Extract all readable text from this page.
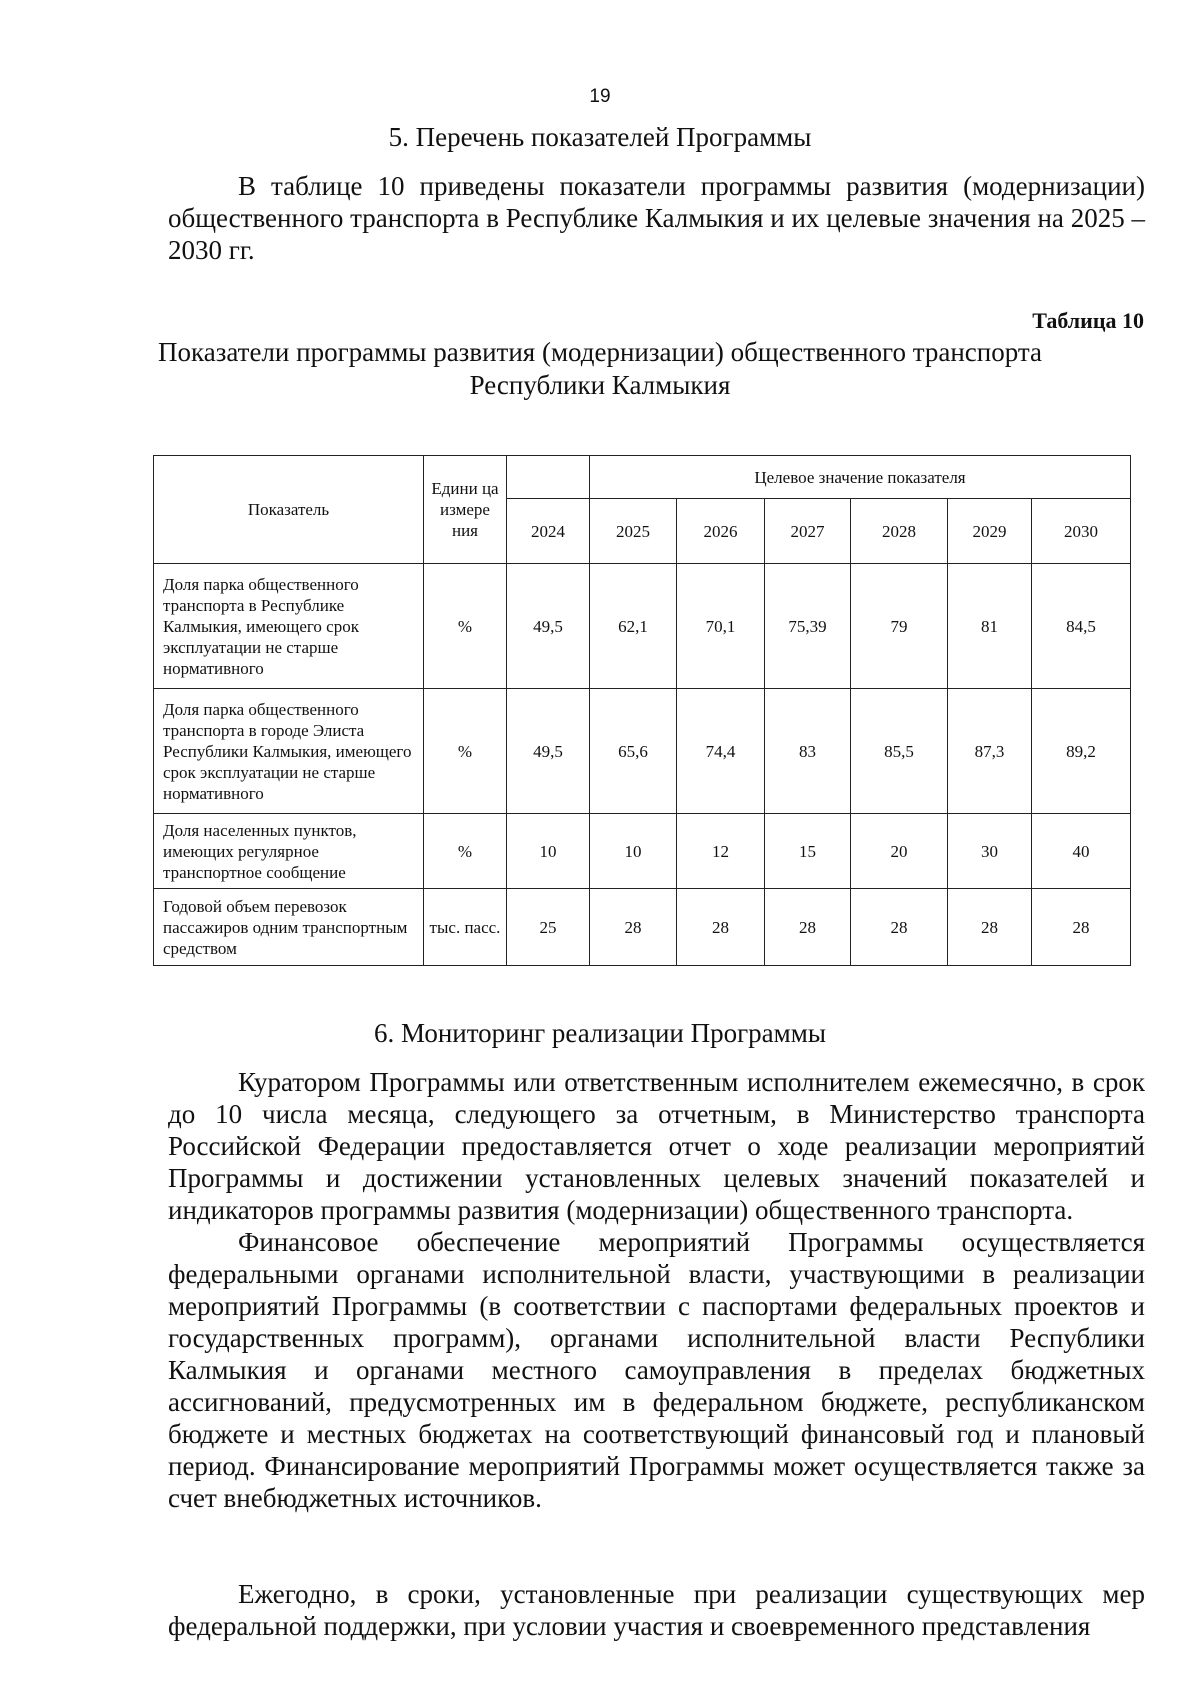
19
5. Перечень показателей Программы

В таблице 10 приведены показатели программы развития (модернизации) общественного транспорта в Республике Калмыкия и их целевые значения на 2025 – 2030 гг.

Таблица 10
Показатели программы развития (модернизации) общественного транспорта
Республики Калмыкия
Показатель	Едини ца измере ния		Целевое значение показателя					
		2024	2025	2026	2027	2028	2029	2030
Доля парка общественного транспорта в Республике Калмыкия, имеющего срок эксплуатации не старше нормативного	%	49,5	62,1	70,1	75,39	79	81	84,5
Доля парка общественного транспорта в городе Элиста Республики Калмыкия, имеющего срок эксплуатации не старше нормативного	%	49,5	65,6	74,4	83	85,5	87,3	89,2
Доля населенных пунктов, имеющих регулярное транспортное сообщение	%	10	10	12	15	20	30	40
Годовой объем перевозок пассажиров одним транспортным средством	тыс. пасс.	25	28	28	28	28	28	28
6. Мониторинг реализации Программы

Куратором Программы или ответственным исполнителем ежемесячно, в срок до 10 числа месяца, следующего за отчетным, в Министерство транспорта Российской Федерации предоставляется отчет о ходе реализации мероприятий Программы и достижении установленных целевых значений показателей и индикаторов программы развития (модернизации) общественного транспорта.

Финансовое обеспечение мероприятий Программы осуществляется федеральными органами исполнительной власти, участвующими в реализации мероприятий Программы (в соответствии с паспортами федеральных проектов и государственных программ), органами исполнительной власти Республики Калмыкия и органами местного самоуправления в пределах бюджетных ассигнований, предусмотренных им в федеральном бюджете, республиканском бюджете и местных бюджетах на соответствующий финансовый год и плановый период. Финансирование мероприятий Программы может осуществляется также за счет внебюджетных источников.

Ежегодно, в сроки, установленные при реализации существующих мер федеральной поддержки, при условии участия и своевременного представления
